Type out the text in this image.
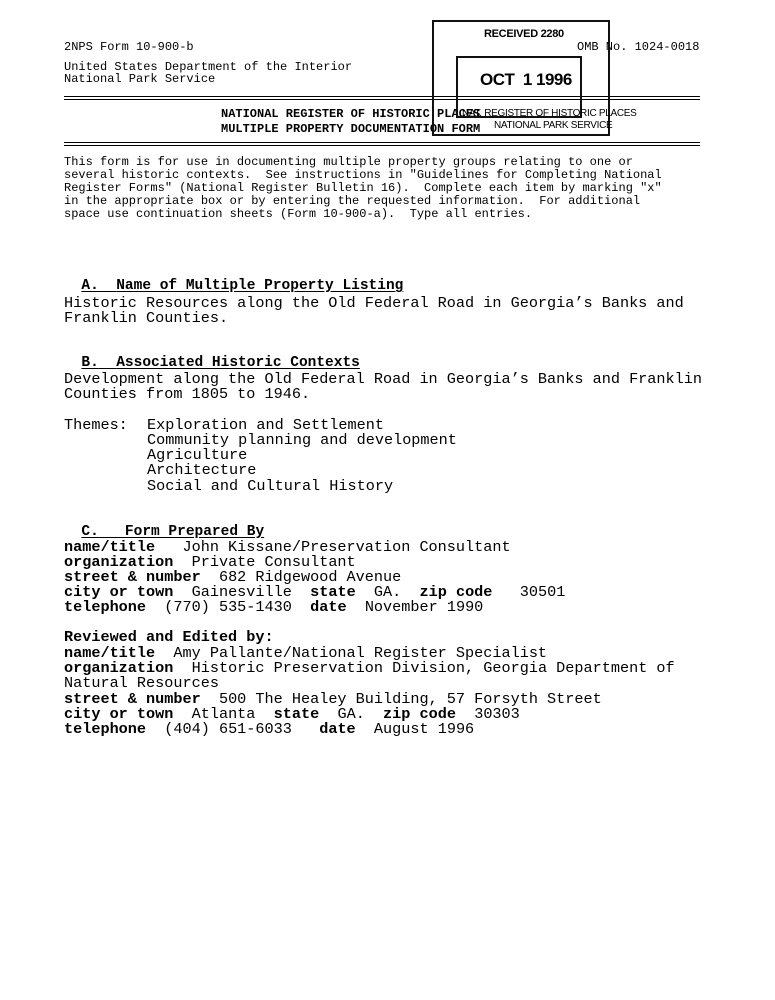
2NPS Form 10-900-b	OMB No. 1024-0018
United States Department of the Interior
National Park Service
NATIONAL REGISTER OF HISTORIC PLACES
MULTIPLE PROPERTY DOCUMENTATION FORM
RECEIVED 2280
OCT  1 1996
NAT. REGISTER OF HISTORIC PLACES
NATIONAL PARK SERVICE
This form is for use in documenting multiple property groups relating to one or
several historic contexts.  See instructions in "Guidelines for Completing National
Register Forms" (National Register Bulletin 16).  Complete each item by marking "x"
in the appropriate box or by entering the requested information.  For additional
space use continuation sheets (Form 10-900-a).  Type all entries.

A. Name of Multiple Property Listing

Historic Resources along the Old Federal Road in Georgia’s Banks and
Franklin Counties.

B. Associated Historic Contexts

Development along the Old Federal Road in Georgia’s Banks and Franklin
Counties from 1805 to 1946.
Themes: Exploration and Settlement
Community planning and development
Agriculture
Architecture
Social and Cultural History

C. Form Prepared By

name/title John Kissane/Preservation Consultant
organization Private Consultant
street & number 682 Ridgewood Avenue
city or town Gainesville state GA. zip code 30501
telephone (770) 535-1430 date November 1990
Reviewed and Edited by:
name/title Amy Pallante/National Register Specialist
organization Historic Preservation Division, Georgia Department of
Natural Resources
street & number 500 The Healey Building, 57 Forsyth Street
city or town Atlanta state GA. zip code 30303
telephone (404) 651-6033 date August 1996
